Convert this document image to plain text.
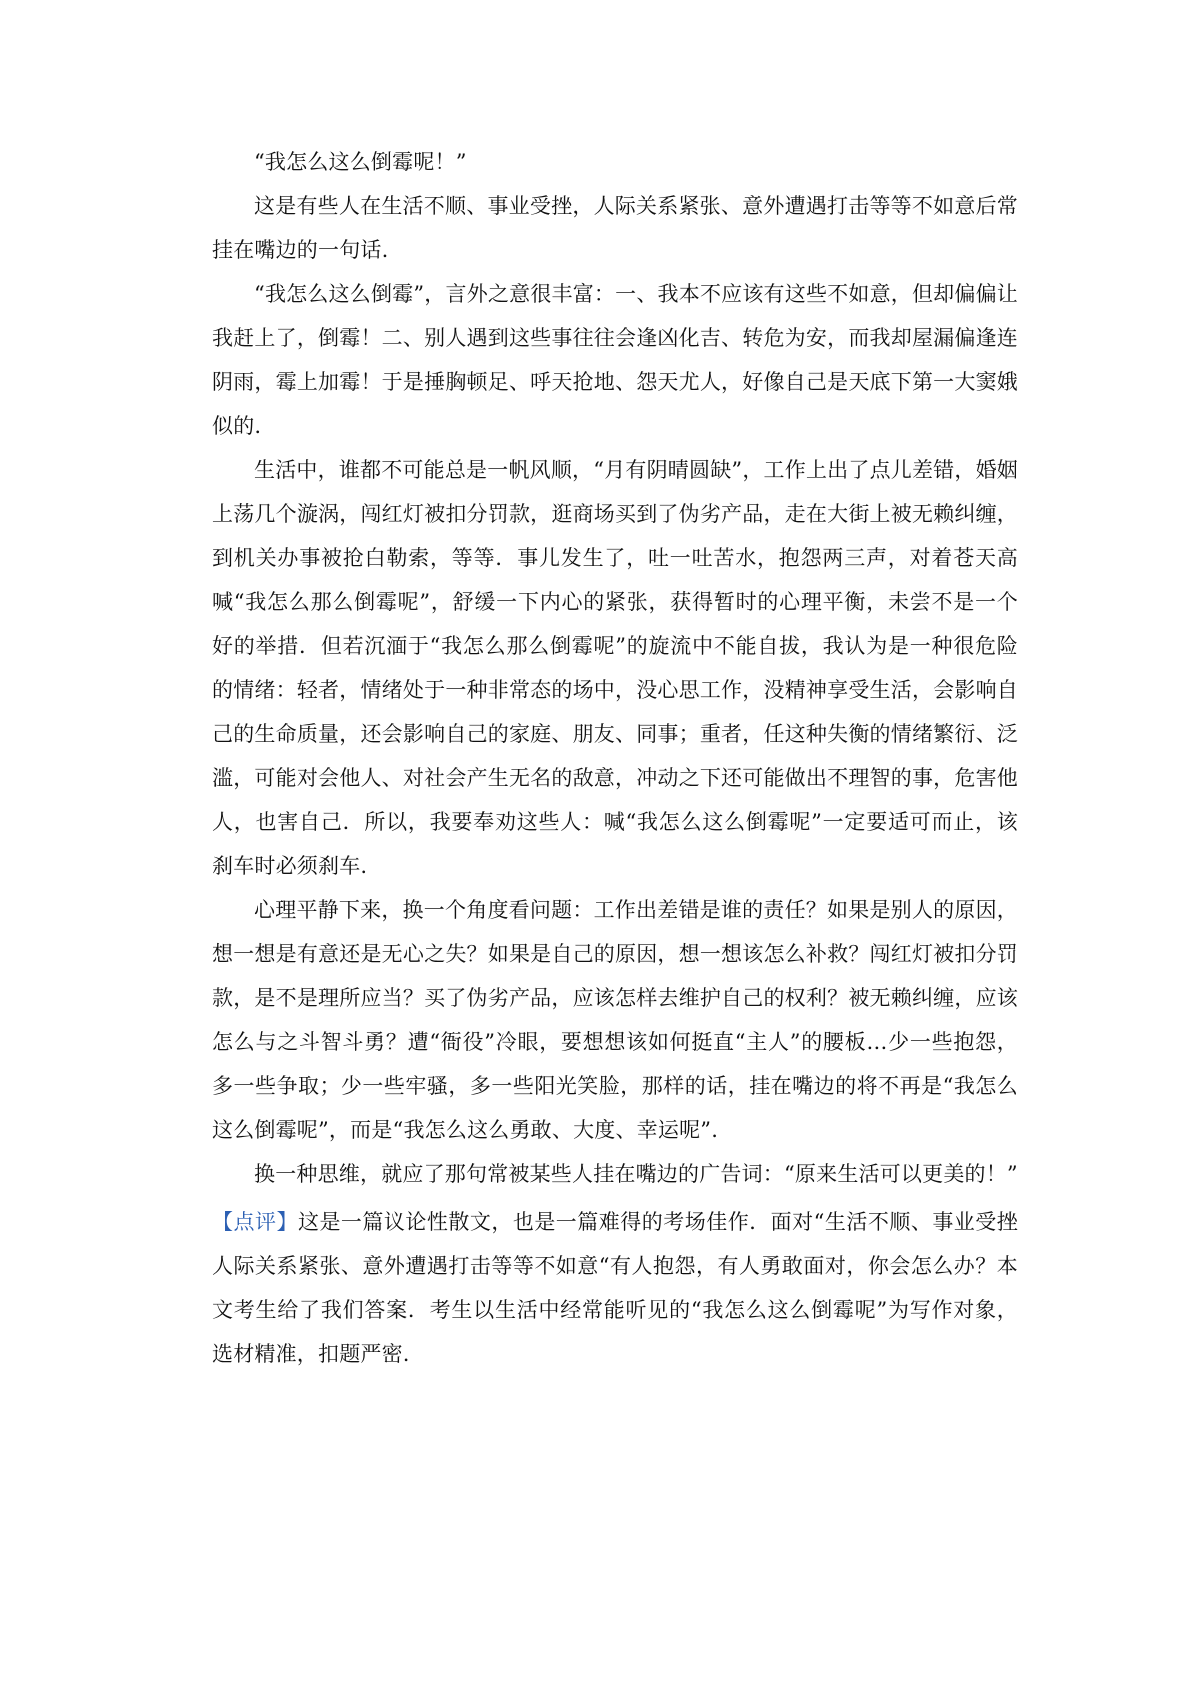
“我怎么这么倒霉呢！”

这是有些人在生活不顺、事业受挫，人际关系紧张、意外遭遇打击等等不如意后常挂在嘴边的一句话.

“我怎么这么倒霉”，言外之意很丰富：一、我本不应该有这些不如意，但却偏偏让我赶上了，倒霉！二、别人遇到这些事往往会逢凶化吉、转危为安，而我却屋漏偏逢连阴雨，霉上加霉！于是捶胸顿足、呼天抢地、怨天尤人，好像自己是天底下第一大窦娥似的.

生活中，谁都不可能总是一帆风顺，“月有阴晴圆缺”，工作上出了点儿差错，婚姻上荡几个漩涡，闯红灯被扣分罚款，逛商场买到了伪劣产品，走在大街上被无赖纠缠，到机关办事被抢白勒索，等等．事儿发生了，吐一吐苦水，抱怨两三声，对着苍天高喊“我怎么那么倒霉呢”，舒缓一下内心的紧张，获得暂时的心理平衡，未尝不是一个好的举措．但若沉湎于“我怎么那么倒霉呢”的旋流中不能自拔，我认为是一种很危险的情绪：轻者，情绪处于一种非常态的场中，没心思工作，没精神享受生活，会影响自己的生命质量，还会影响自己的家庭、朋友、同事；重者，任这种失衡的情绪繁衍、泛滥，可能对会他人、对社会产生无名的敌意，冲动之下还可能做出不理智的事，危害他人，也害自己．所以，我要奉劝这些人：喊“我怎么这么倒霉呢”一定要适可而止，该刹车时必须刹车.

心理平静下来，换一个角度看问题：工作出差错是谁的责任？如果是别人的原因，想一想是有意还是无心之失？如果是自己的原因，想一想该怎么补救？闯红灯被扣分罚款，是不是理所应当？买了伪劣产品，应该怎样去维护自己的权利？被无赖纠缠，应该怎么与之斗智斗勇？遭“衙役”冷眼，要想想该如何挺直“主人”的腰板…少一些抱怨，多一些争取；少一些牢骚，多一些阳光笑脸，那样的话，挂在嘴边的将不再是“我怎么这么倒霉呢”，而是“我怎么这么勇敢、大度、幸运呢”.

换一种思维，就应了那句常被某些人挂在嘴边的广告词：“原来生活可以更美的！”

【点评】这是一篇议论性散文，也是一篇难得的考场佳作．面对“生活不顺、事业受挫 人际关系紧张、意外遭遇打击等等不如意“有人抱怨，有人勇敢面对，你会怎么办？本文考生给了我们答案．考生以生活中经常能听见的“我怎么这么倒霉呢”为写作对象，选材精准，扣题严密.
